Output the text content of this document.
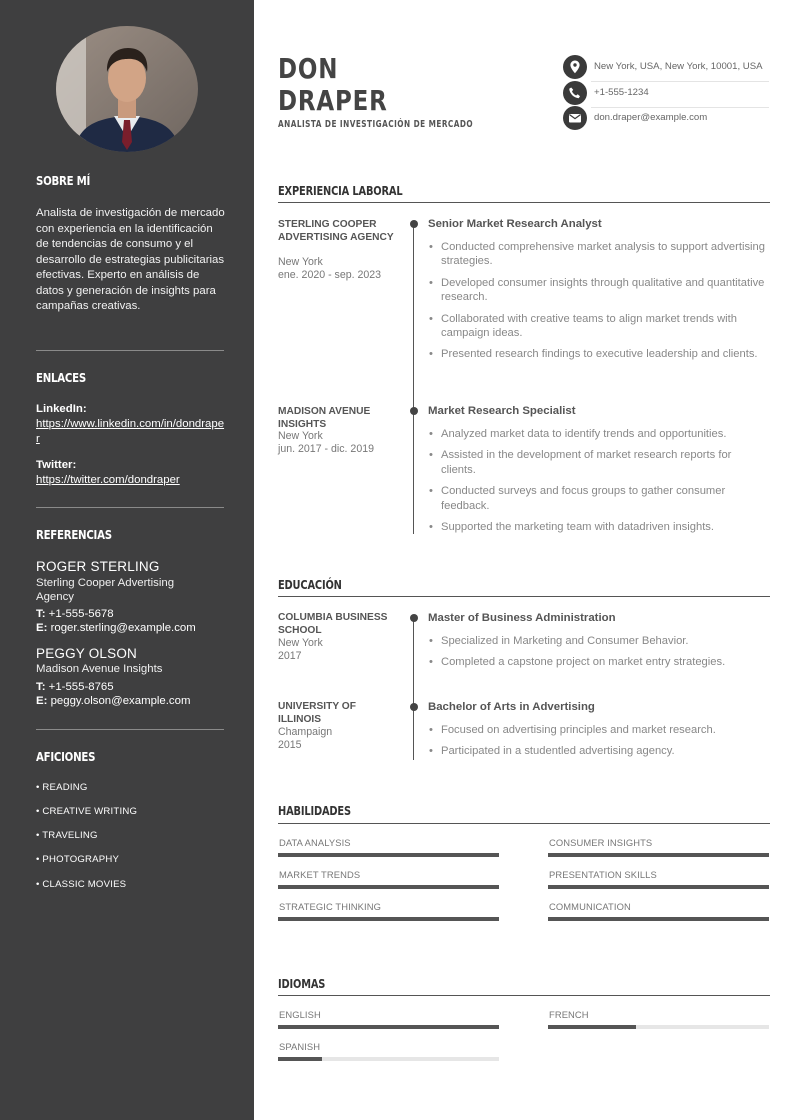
SOBRE MÍ
Analista de investigación de mercado con experiencia en la identificación de tendencias de consumo y el desarrollo de estrategias publicitarias efectivas. Experto en análisis de datos y generación de insights para campañas creativas.
ENLACES
LinkedIn:
https://www.linkedin.com/in/dondraper
Twitter:
https://twitter.com/dondraper
REFERENCIAS
ROGER STERLING
Sterling Cooper Advertising Agency
T: +1-555-5678
E: roger.sterling@example.com
PEGGY OLSON
Madison Avenue Insights
T: +1-555-8765
E: peggy.olson@example.com
AFICIONES
• READING
• CREATIVE WRITING
• TRAVELING
• PHOTOGRAPHY
• CLASSIC MOVIES
DON
DRAPER
ANALISTA DE INVESTIGACIÓN DE MERCADO
New York, USA, New York, 10001, USA
+1-555-1234
don.draper@example.com
EXPERIENCIA LABORAL
STERLING COOPER ADVERTISING AGENCY
New York
ene. 2020 - sep. 2023
Senior Market Research Analyst
• Conducted comprehensive market analysis to support advertising strategies.
• Developed consumer insights through qualitative and quantitative research.
• Collaborated with creative teams to align market trends with campaign ideas.
• Presented research findings to executive leadership and clients.
MADISON AVENUE INSIGHTS
New York
jun. 2017 - dic. 2019
Market Research Specialist
• Analyzed market data to identify trends and opportunities.
• Assisted in the development of market research reports for clients.
• Conducted surveys and focus groups to gather consumer feedback.
• Supported the marketing team with datadriven insights.
EDUCACIÓN
COLUMBIA BUSINESS SCHOOL
New York
2017
Master of Business Administration
• Specialized in Marketing and Consumer Behavior.
• Completed a capstone project on market entry strategies.
UNIVERSITY OF ILLINOIS
Champaign
2015
Bachelor of Arts in Advertising
• Focused on advertising principles and market research.
• Participated in a studentled advertising agency.
HABILIDADES
DATA ANALYSIS	CONSUMER INSIGHTS
MARKET TRENDS	PRESENTATION SKILLS
STRATEGIC THINKING	COMMUNICATION
IDIOMAS
ENGLISH	FRENCH
SPANISH
